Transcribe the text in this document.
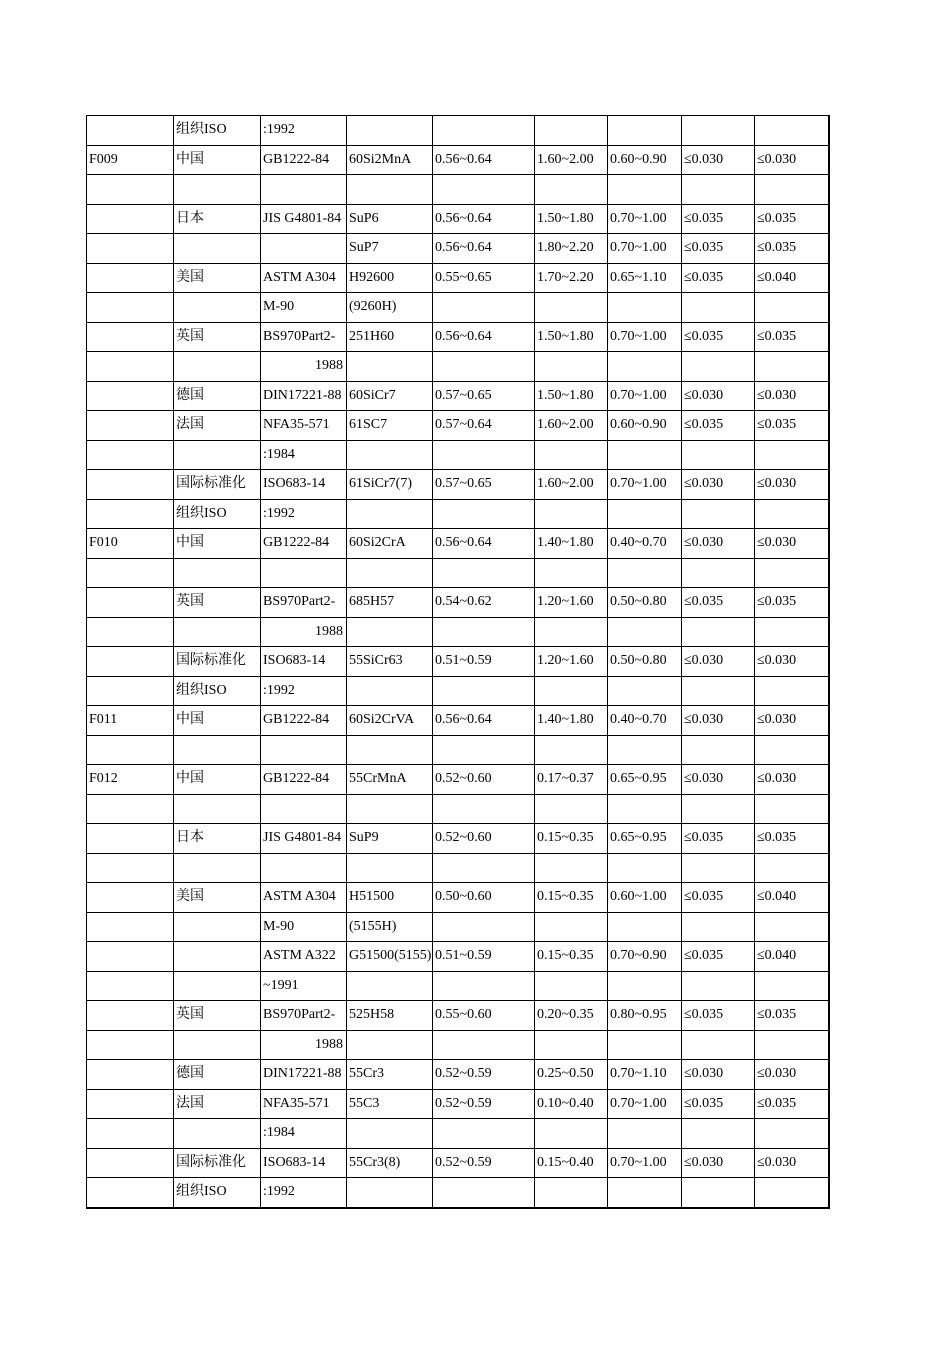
	组织ISO	:1992						
F009	中国	GB1222-84	60Si2MnA	0.56~0.64	1.60~2.00	0.60~0.90	≤0.030	≤0.030

	日本	JIS G4801-84	SuP6	0.56~0.64	1.50~1.80	0.70~1.00	≤0.035	≤0.035
			SuP7	0.56~0.64	1.80~2.20	0.70~1.00	≤0.035	≤0.035
	美国	ASTM A304	H92600	0.55~0.65	1.70~2.20	0.65~1.10	≤0.035	≤0.040
		M-90	(9260H)					
	英国	BS970Part2-	251H60	0.56~0.64	1.50~1.80	0.70~1.00	≤0.035	≤0.035
		1988						
	德国	DIN17221-88	60SiCr7	0.57~0.65	1.50~1.80	0.70~1.00	≤0.030	≤0.030
	法国	NFA35-571	61SC7	0.57~0.64	1.60~2.00	0.60~0.90	≤0.035	≤0.035
		:1984						
	国际标准化	ISO683-14	61SiCr7(7)	0.57~0.65	1.60~2.00	0.70~1.00	≤0.030	≤0.030
	组织ISO	:1992						
F010	中国	GB1222-84	60Si2CrA	0.56~0.64	1.40~1.80	0.40~0.70	≤0.030	≤0.030

	英国	BS970Part2-	685H57	0.54~0.62	1.20~1.60	0.50~0.80	≤0.035	≤0.035
		1988						
	国际标准化	ISO683-14	55SiCr63	0.51~0.59	1.20~1.60	0.50~0.80	≤0.030	≤0.030
	组织ISO	:1992						
F011	中国	GB1222-84	60Si2CrVA	0.56~0.64	1.40~1.80	0.40~0.70	≤0.030	≤0.030

F012	中国	GB1222-84	55CrMnA	0.52~0.60	0.17~0.37	0.65~0.95	≤0.030	≤0.030

	日本	JIS G4801-84	SuP9	0.52~0.60	0.15~0.35	0.65~0.95	≤0.035	≤0.035

	美国	ASTM A304	H51500	0.50~0.60	0.15~0.35	0.60~1.00	≤0.035	≤0.040
		M-90	(5155H)					
		ASTM A322	G51500(5155)	0.51~0.59	0.15~0.35	0.70~0.90	≤0.035	≤0.040
		~1991						
	英国	BS970Part2-	525H58	0.55~0.60	0.20~0.35	0.80~0.95	≤0.035	≤0.035
		1988						
	德国	DIN17221-88	55Cr3	0.52~0.59	0.25~0.50	0.70~1.10	≤0.030	≤0.030
	法国	NFA35-571	55C3	0.52~0.59	0.10~0.40	0.70~1.00	≤0.035	≤0.035
		:1984						
	国际标准化	ISO683-14	55Cr3(8)	0.52~0.59	0.15~0.40	0.70~1.00	≤0.030	≤0.030
	组织ISO	:1992						
